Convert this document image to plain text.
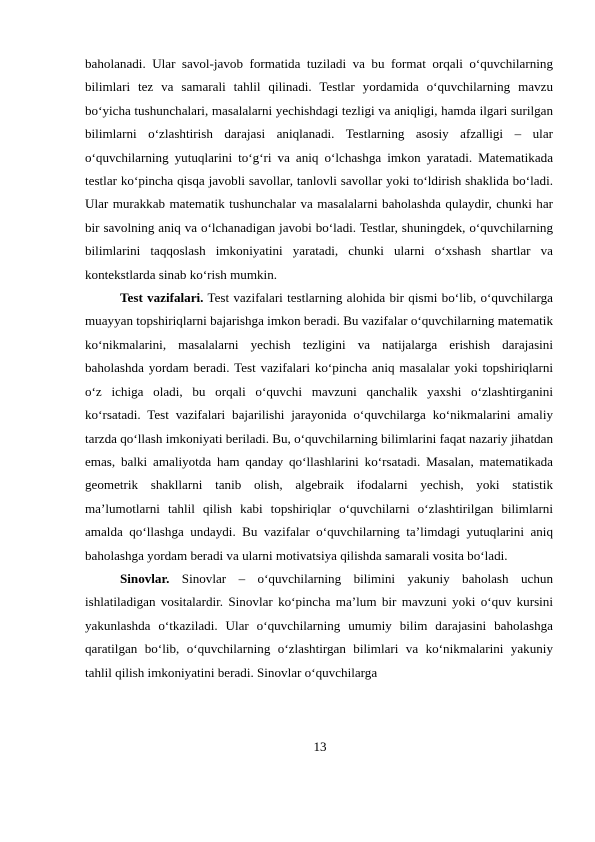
baholanadi. Ular savol-javob formatida tuziladi va bu format orqali o‘quvchilarning bilimlari tez va samarali tahlil qilinadi. Testlar yordamida o‘quvchilarning mavzu bo‘yicha tushunchalari, masalalarni yechishdagi tezligi va aniqligi, hamda ilgari surilgan bilimlarni o‘zlashtirish darajasi aniqlanadi. Testlarning asosiy afzalligi – ular o‘quvchilarning yutuqlarini to‘g‘ri va aniq o‘lchashga imkon yaratadi. Matematikada testlar ko‘pincha qisqa javobli savollar, tanlovli savollar yoki to‘ldirish shaklida bo‘ladi. Ular murakkab matematik tushunchalar va masalalarni baholashda qulaydir, chunki har bir savolning aniq va o‘lchanadigan javobi bo‘ladi. Testlar, shuningdek, o‘quvchilarning bilimlarini taqqoslash imkoniyatini yaratadi, chunki ularni o‘xshash shartlar va kontekstlarda sinab ko‘rish mumkin.

Test vazifalari. Test vazifalari testlarning alohida bir qismi bo‘lib, o‘quvchilarga muayyan topshiriqlarni bajarishga imkon beradi. Bu vazifalar o‘quvchilarning matematik ko‘nikmalarini, masalalarni yechish tezligini va natijalarga erishish darajasini baholashda yordam beradi. Test vazifalari ko‘pincha aniq masalalar yoki topshiriqlarni o‘z ichiga oladi, bu orqali o‘quvchi mavzuni qanchalik yaxshi o‘zlashtirganini ko‘rsatadi. Test vazifalari bajarilishi jarayonida o‘quvchilarga ko‘nikmalarini amaliy tarzda qo‘llash imkoniyati beriladi. Bu, o‘quvchilarning bilimlarini faqat nazariy jihatdan emas, balki amaliyotda ham qanday qo‘llashlarini ko‘rsatadi. Masalan, matematikada geometrik shakllarni tanib olish, algebraik ifodalarni yechish, yoki statistik ma’lumotlarni tahlil qilish kabi topshiriqlar o‘quvchilarni o‘zlashtirilgan bilimlarni amalda qo‘llashga undaydi. Bu vazifalar o‘quvchilarning ta’limdagi yutuqlarini aniq baholashga yordam beradi va ularni motivatsiya qilishda samarali vosita bo‘ladi.

Sinovlar. Sinovlar – o‘quvchilarning bilimini yakuniy baholash uchun ishlatiladigan vositalardir. Sinovlar ko‘pincha ma’lum bir mavzuni yoki o‘quv kursini yakunlashda o‘tkaziladi. Ular o‘quvchilarning umumiy bilim darajasini baholashga qaratilgan bo‘lib, o‘quvchilarning o‘zlashtirgan bilimlari va ko‘nikmalarini yakuniy tahlil qilish imkoniyatini beradi. Sinovlar o‘quvchilarga

13
